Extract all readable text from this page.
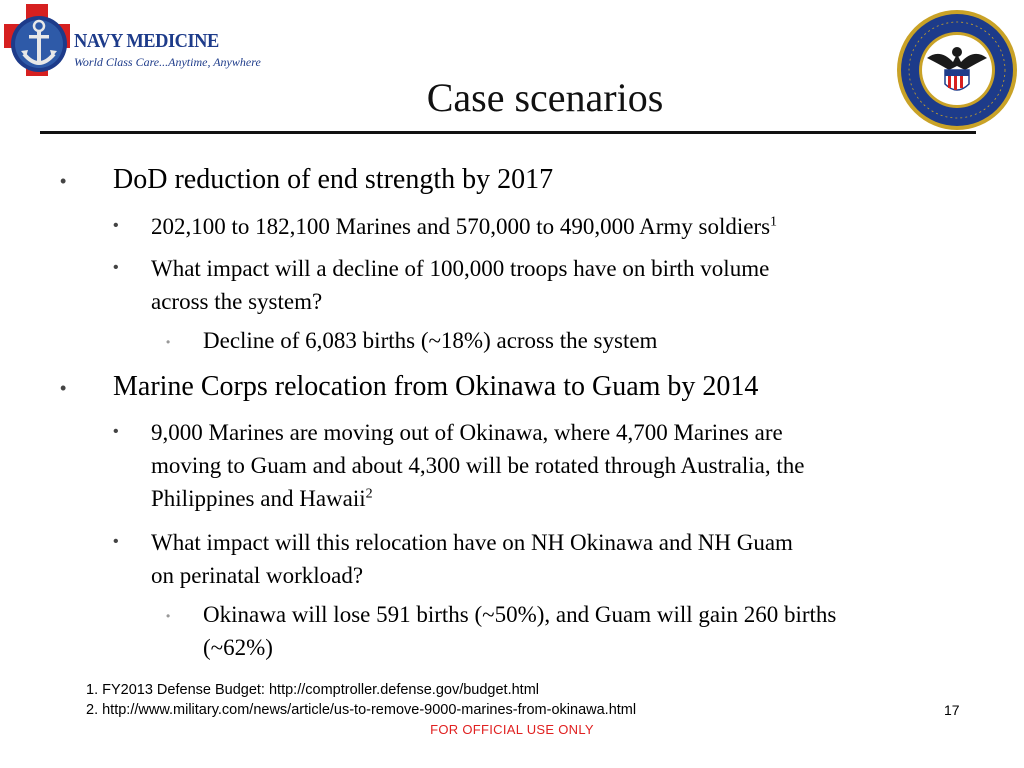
NAVY MEDICINE
World Class Care...Anytime, Anywhere
Case scenarios
• DoD reduction of end strength by 2017
• 202,100 to 182,100 Marines and 570,000 to 490,000 Army soldiers$^1$
• What impact will a decline of 100,000 troops have on birth volume
across the system?
• Decline of 6,083 births (~18%) across the system
• Marine Corps relocation from Okinawa to Guam by 2014
• 9,000 Marines are moving out of Okinawa, where 4,700 Marines are
moving to Guam and about 4,300 will be rotated through Australia, the
Philippines and Hawaii$^2$
• What impact will this relocation have on NH Okinawa and NH Guam
on perinatal workload?
• Okinawa will lose 591 births (~50%), and Guam will gain 260 births
(~62%)
1. FY2013 Defense Budget: http://comptroller.defense.gov/budget.html
2. http://www.military.com/news/article/us-to-remove-9000-marines-from-okinawa.html	17
FOR OFFICIAL USE ONLY
